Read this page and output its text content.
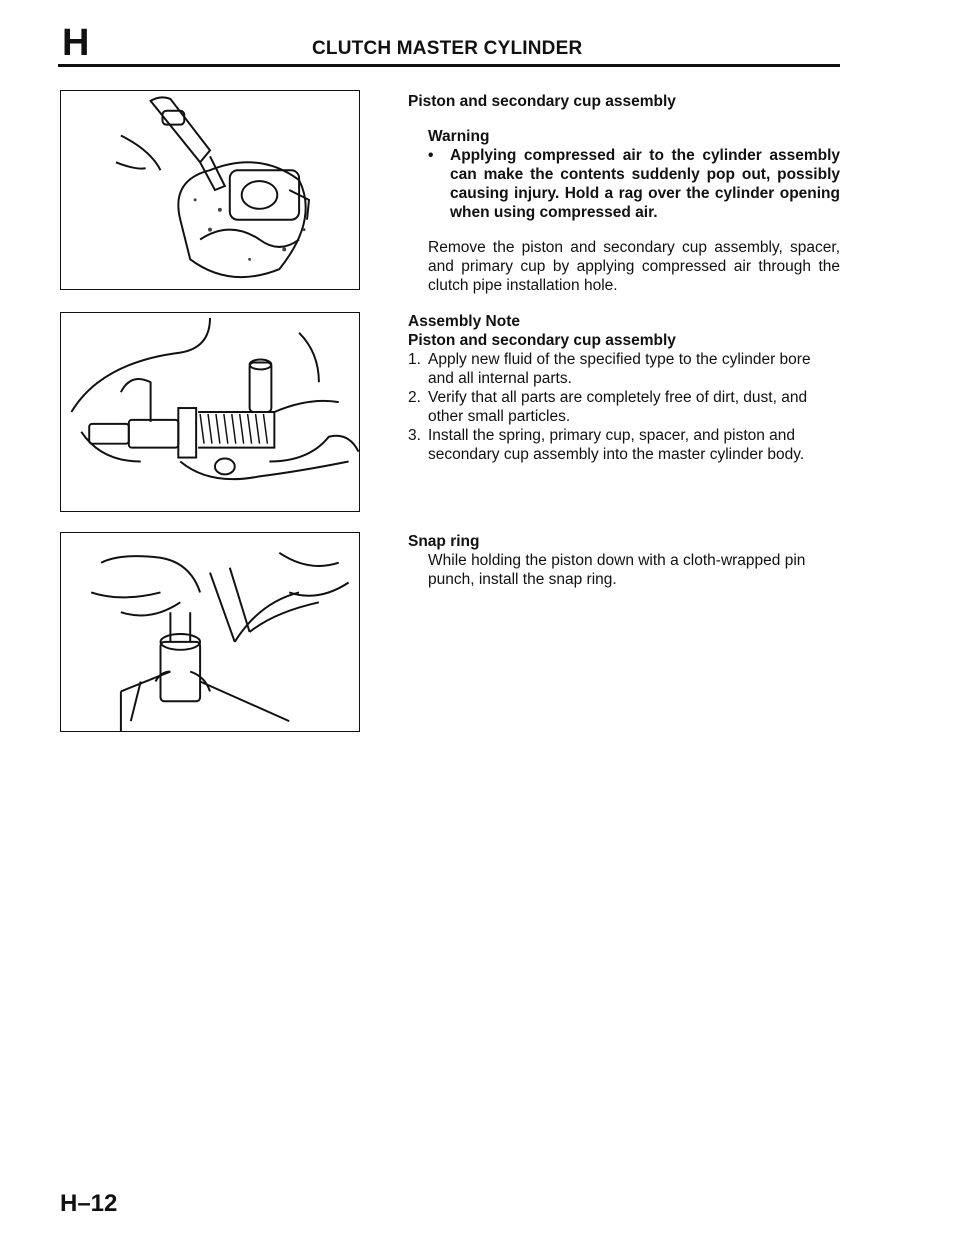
H	CLUTCH MASTER CYLINDER
Piston and secondary cup assembly
Warning
• Applying compressed air to the cylinder assembly can make the contents suddenly pop out, possibly causing injury. Hold a rag over the cylinder opening when using compressed air.
Remove the piston and secondary cup assembly, spacer, and primary cup by applying compressed air through the clutch pipe installation hole.
Assembly Note
Piston and secondary cup assembly
1. Apply new fluid of the specified type to the cylinder bore and all internal parts.
2. Verify that all parts are completely free of dirt, dust, and other small particles.
3. Install the spring, primary cup, spacer, and piston and secondary cup assembly into the master cylinder body.
Snap ring
While holding the piston down with a cloth-wrapped pin punch, install the snap ring.
H–12
